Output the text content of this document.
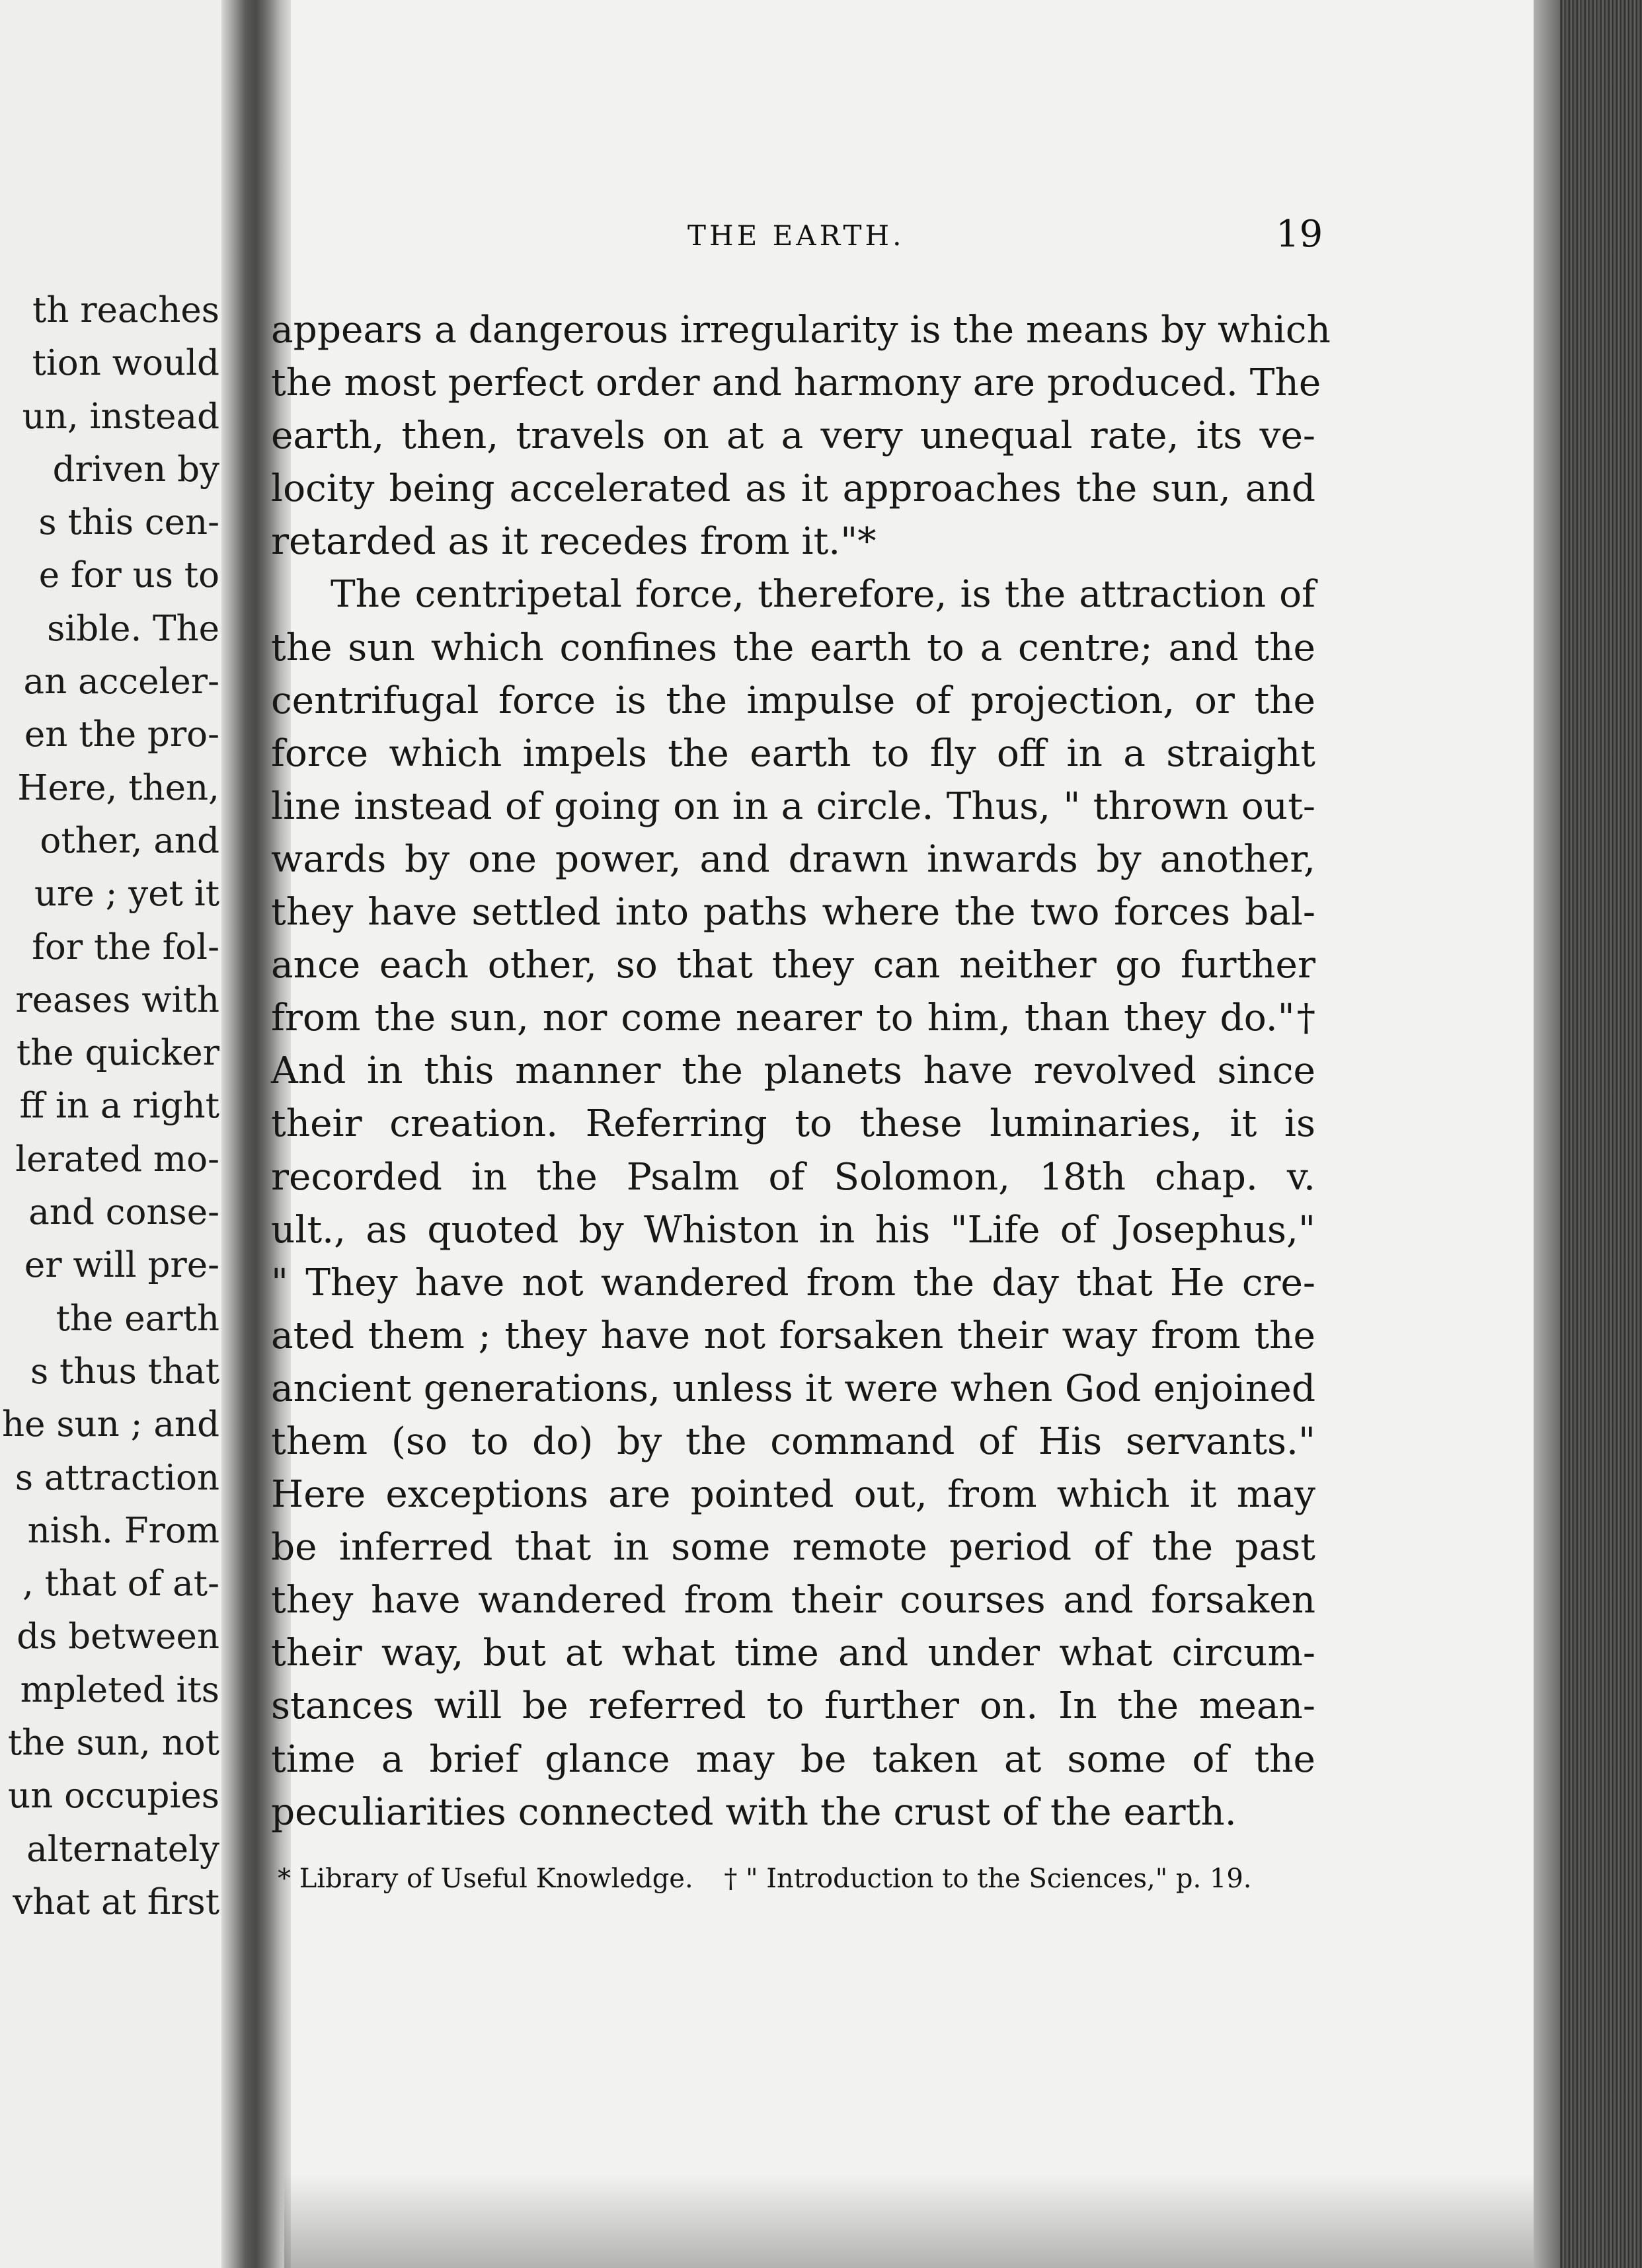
th reaches
tion would
un, instead
driven by
s this cen-
e for us to
sible. The
an acceler-
en the pro-
Here, then,
other, and
ure ; yet it
for the fol-
reases with
the quicker
ff in a right
lerated mo-
and conse-
er will pre-
the earth
s thus that
he sun ; and
s attraction
nish. From
, that of at-
ds between
mpleted its
the sun, not
un occupies
alternately
vhat at first
THE EARTH.	19
appears a dangerous irregularity is the means by which
the most perfect order and harmony are produced. The
earth, then, travels on at a very unequal rate, its ve-
locity being accelerated as it approaches the sun, and
retarded as it recedes from it."*
The centripetal force, therefore, is the attraction of
the sun which confines the earth to a centre; and the
centrifugal force is the impulse of projection, or the
force which impels the earth to fly off in a straight
line instead of going on in a circle. Thus, " thrown out-
wards by one power, and drawn inwards by another,
they have settled into paths where the two forces bal-
ance each other, so that they can neither go further
from the sun, nor come nearer to him, than they do."†
And in this manner the planets have revolved since
their creation. Referring to these luminaries, it is
recorded in the Psalm of Solomon, 18th chap. v.
ult., as quoted by Whiston in his "Life of Josephus,"
" They have not wandered from the day that He cre-
ated them ; they have not forsaken their way from the
ancient generations, unless it were when God enjoined
them (so to do) by the command of His servants."
Here exceptions are pointed out, from which it may
be inferred that in some remote period of the past
they have wandered from their courses and forsaken
their way, but at what time and under what circum-
stances will be referred to further on. In the mean-
time a brief glance may be taken at some of the
peculiarities connected with the crust of the earth.
* Library of Useful Knowledge. † " Introduction to the Sciences," p. 19.
